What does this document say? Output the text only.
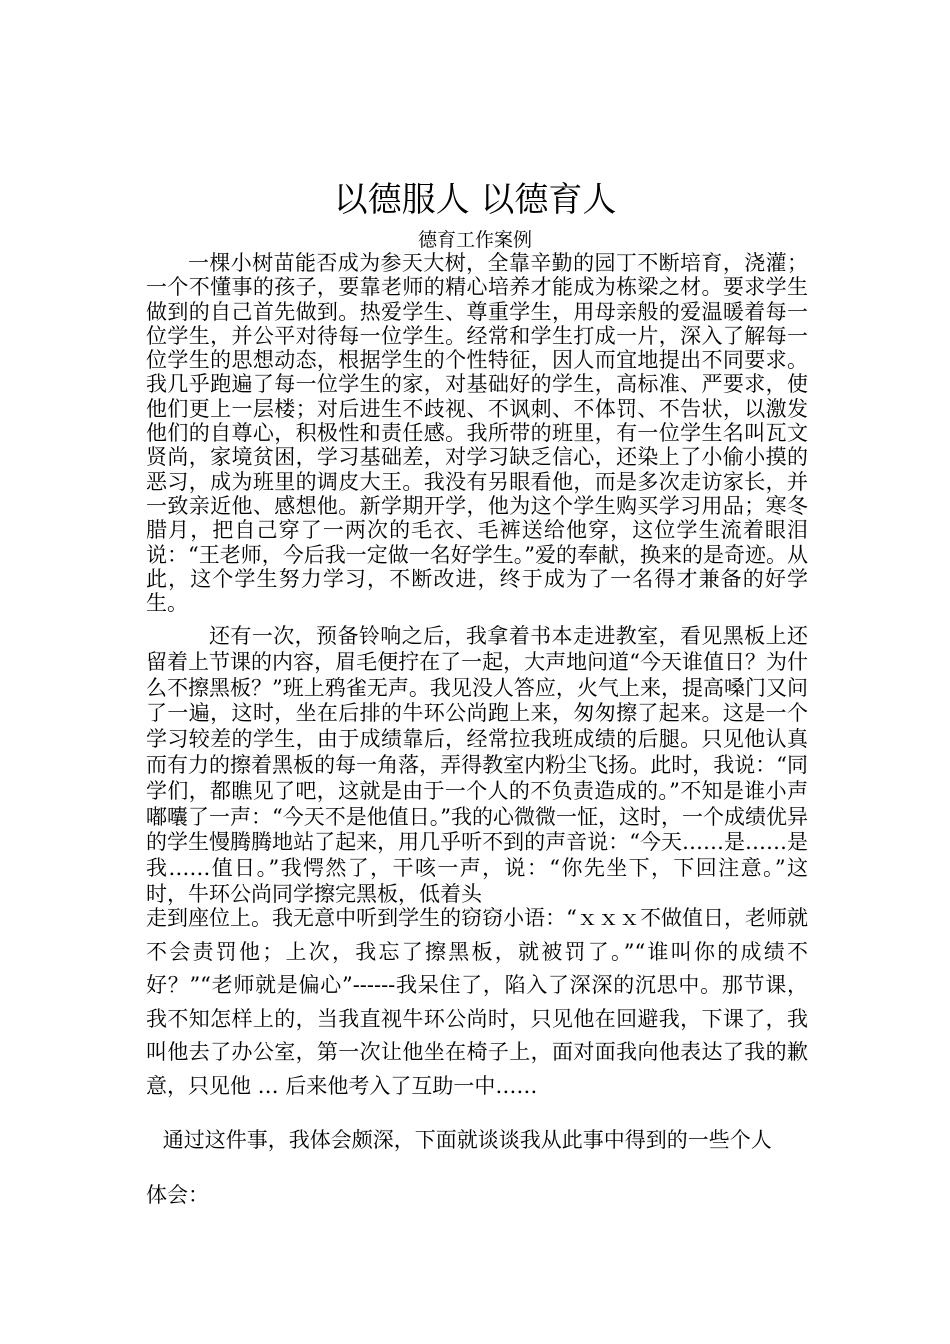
以德服人 以德育人
德育工作案例
一棵小树苗能否成为参天大树，全靠辛勤的园丁不断培育，浇灌；一个不懂事的孩子，要靠老师的精心培养才能成为栋梁之材。要求学生做到的自己首先做到。热爱学生、尊重学生，用母亲般的爱温暖着每一位学生，并公平对待每一位学生。经常和学生打成一片，深入了解每一位学生的思想动态，根据学生的个性特征，因人而宜地提出不同要求。我几乎跑遍了每一位学生的家，对基础好的学生，高标准、严要求，使他们更上一层楼；对后进生不歧视、不讽刺、不体罚、不告状，以激发他们的自尊心，积极性和责任感。我所带的班里，有一位学生名叫瓦文贤尚，家境贫困，学习基础差，对学习缺乏信心，还染上了小偷小摸的恶习，成为班里的调皮大王。我没有另眼看他，而是多次走访家长，并一致亲近他、感想他。新学期开学，他为这个学生购买学习用品；寒冬腊月，把自己穿了一两次的毛衣、毛裤送给他穿，这位学生流着眼泪说：“王老师，今后我一定做一名好学生。”爱的奉献，换来的是奇迹。从此，这个学生努力学习，不断改进，终于成为了一名得才兼备的好学生。
还有一次，预备铃响之后，我拿着书本走进教室，看见黑板上还留着上节课的内容，眉毛便拧在了一起，大声地问道“今天谁值日？为什么不擦黑板？”班上鸦雀无声。我见没人答应，火气上来，提高嗓门又问了一遍，这时，坐在后排的牛环公尚跑上来，匆匆擦了起来。这是一个学习较差的学生，由于成绩靠后，经常拉我班成绩的后腿。只见他认真而有力的擦着黑板的每一角落，弄得教室内粉尘飞扬。此时，我说：“同学们，都瞧见了吧，这就是由于一个人的不负责造成的。”不知是谁小声嘟囔了一声：“今天不是他值日。”我的心微微一怔，这时，一个成绩优异的学生慢腾腾地站了起来，用几乎听不到的声音说：“今天……是……是我……值日。”我愕然了，干咳一声，说：“你先坐下，下回注意。”这时，牛环公尚同学擦完黑板，低着头
走到座位上。我无意中听到学生的窃窃小语：“ｘｘｘ不做值日，老师就不会责罚他；上次，我忘了擦黑板，就被罚了。”“谁叫你的成绩不好？”“老师就是偏心”------我呆住了，陷入了深深的沉思中。那节课，我不知怎样上的，当我直视牛环公尚时，只见他在回避我，下课了，我叫他去了办公室，第一次让他坐在椅子上，面对面我向他表达了我的歉意，只见他 … 后来他考入了互助一中……
通过这件事，我体会颇深，下面就谈谈我从此事中得到的一些个人
体会：
